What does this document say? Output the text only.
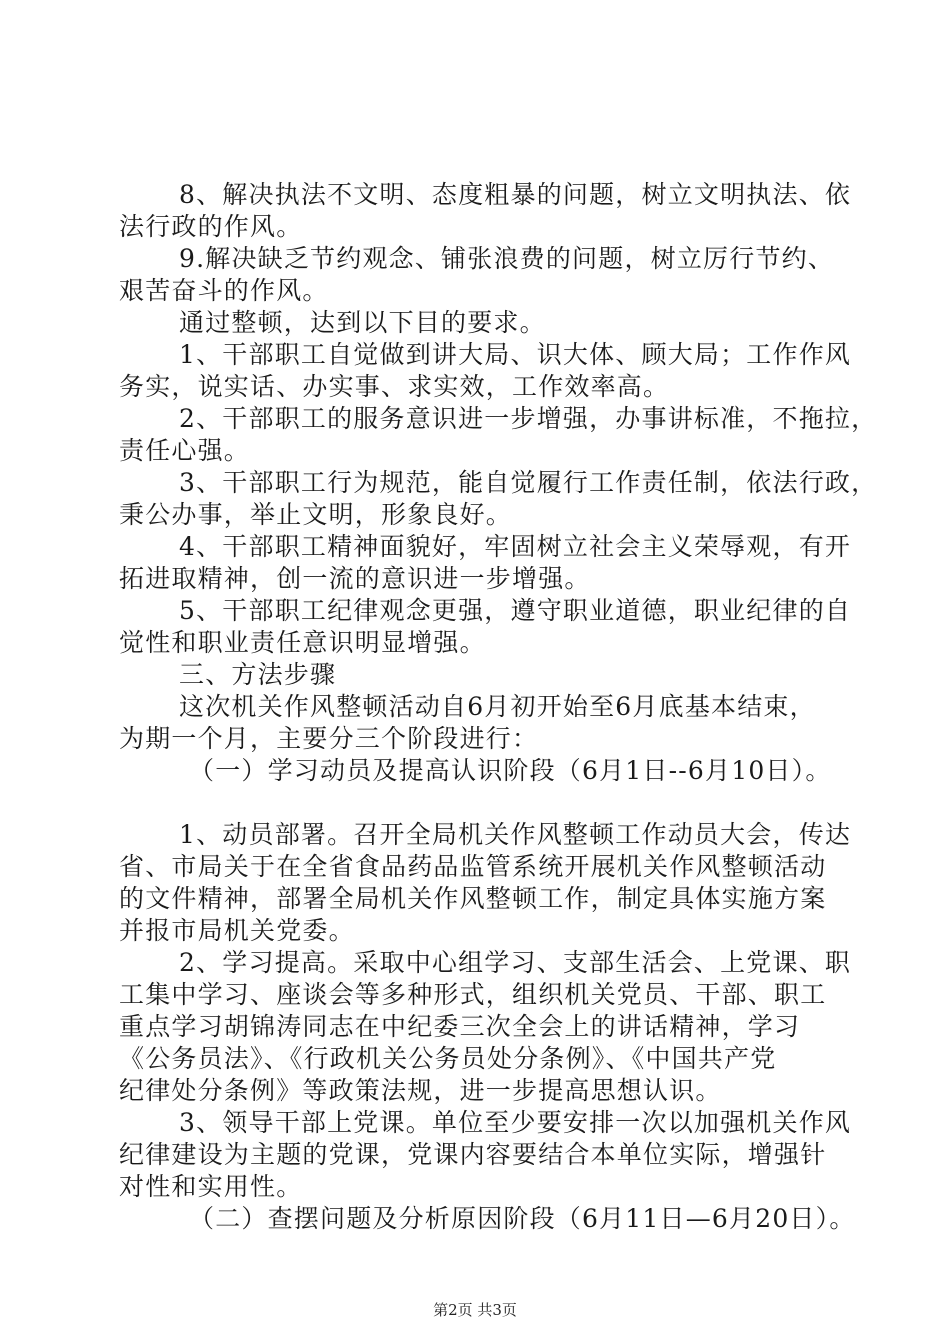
8、解决执法不文明、态度粗暴的问题，树立文明执法、依
法行政的作风。
9.解决缺乏节约观念、铺张浪费的问题，树立厉行节约、
艰苦奋斗的作风。
通过整顿，达到以下目的要求。
1、干部职工自觉做到讲大局、识大体、顾大局；工作作风
务实，说实话、办实事、求实效，工作效率高。
2、干部职工的服务意识进一步增强，办事讲标准，不拖拉，
责任心强。
3、干部职工行为规范，能自觉履行工作责任制，依法行政，
秉公办事，举止文明，形象良好。
4、干部职工精神面貌好，牢固树立社会主义荣辱观，有开
拓进取精神，创一流的意识进一步增强。
5、干部职工纪律观念更强，遵守职业道德，职业纪律的自
觉性和职业责任意识明显增强。
三、方法步骤
这次机关作风整顿活动自6月初开始至6月底基本结束，
为期一个月，主要分三个阶段进行：
（一）学习动员及提高认识阶段（6月1日--6月10日）。
1、动员部署。召开全局机关作风整顿工作动员大会，传达
省、市局关于在全省食品药品监管系统开展机关作风整顿活动
的文件精神，部署全局机关作风整顿工作，制定具体实施方案
并报市局机关党委。
2、学习提高。采取中心组学习、支部生活会、上党课、职
工集中学习、座谈会等多种形式，组织机关党员、干部、职工
重点学习胡锦涛同志在中纪委三次全会上的讲话精神，学习
《公务员法》、《行政机关公务员处分条例》、《中国共产党
纪律处分条例》等政策法规，进一步提高思想认识。
3、领导干部上党课。单位至少要安排一次以加强机关作风
纪律建设为主题的党课，党课内容要结合本单位实际，增强针
对性和实用性。
（二）查摆问题及分析原因阶段（6月11日—6月20日）。
第2页 共3页
